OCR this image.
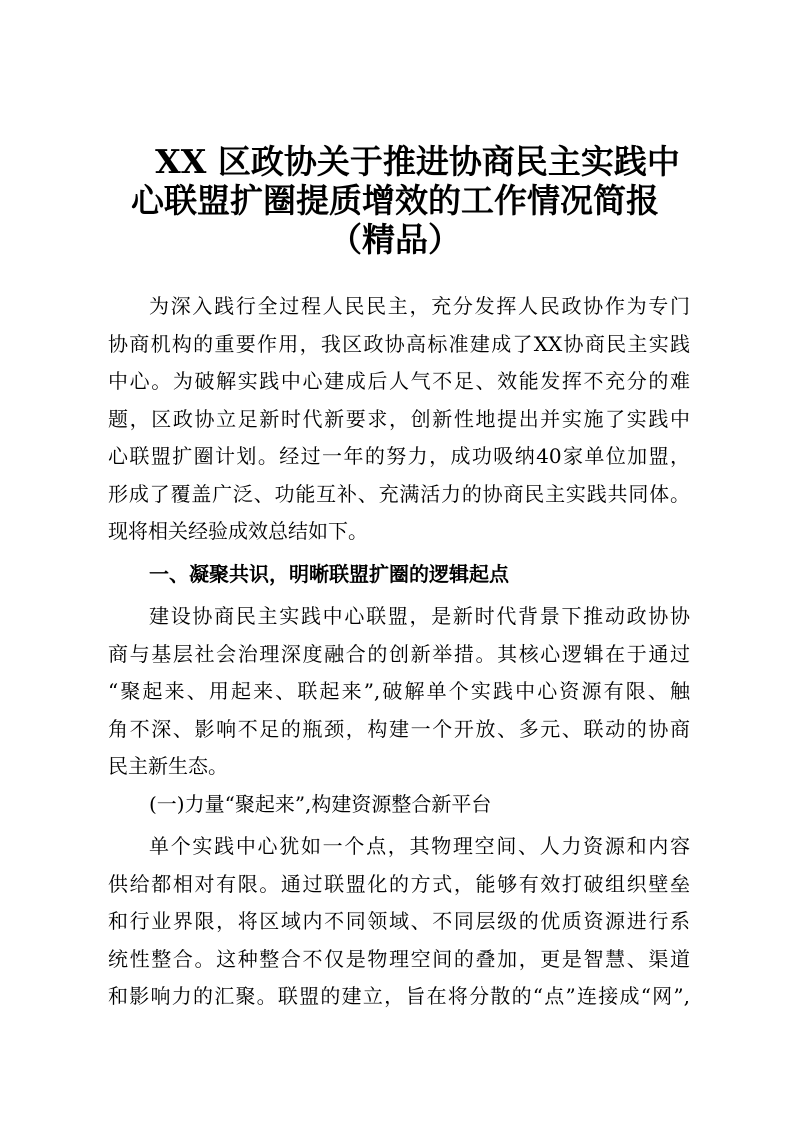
XX 区政协关于推进协商民主实践中
心联盟扩圈提质增效的工作情况简报
（精品）
为深入践行全过程人民民主，充分发挥人民政协作为专门
协商机构的重要作用，我区政协高标准建成了XX协商民主实践
中心。为破解实践中心建成后人气不足、效能发挥不充分的难
题，区政协立足新时代新要求，创新性地提出并实施了实践中
心联盟扩圈计划。经过一年的努力，成功吸纳40家单位加盟，
形成了覆盖广泛、功能互补、充满活力的协商民主实践共同体。
现将相关经验成效总结如下。
一、凝聚共识，明晰联盟扩圈的逻辑起点
建设协商民主实践中心联盟，是新时代背景下推动政协协
商与基层社会治理深度融合的创新举措。其核心逻辑在于通过
“聚起来、用起来、联起来”,破解单个实践中心资源有限、触
角不深、影响不足的瓶颈，构建一个开放、多元、联动的协商
民主新生态。
(一)力量“聚起来”,构建资源整合新平台
单个实践中心犹如一个点，其物理空间、人力资源和内容
供给都相对有限。通过联盟化的方式，能够有效打破组织壁垒
和行业界限，将区域内不同领域、不同层级的优质资源进行系
统性整合。这种整合不仅是物理空间的叠加，更是智慧、渠道
和影响力的汇聚。联盟的建立，旨在将分散的“点”连接成“网”,
